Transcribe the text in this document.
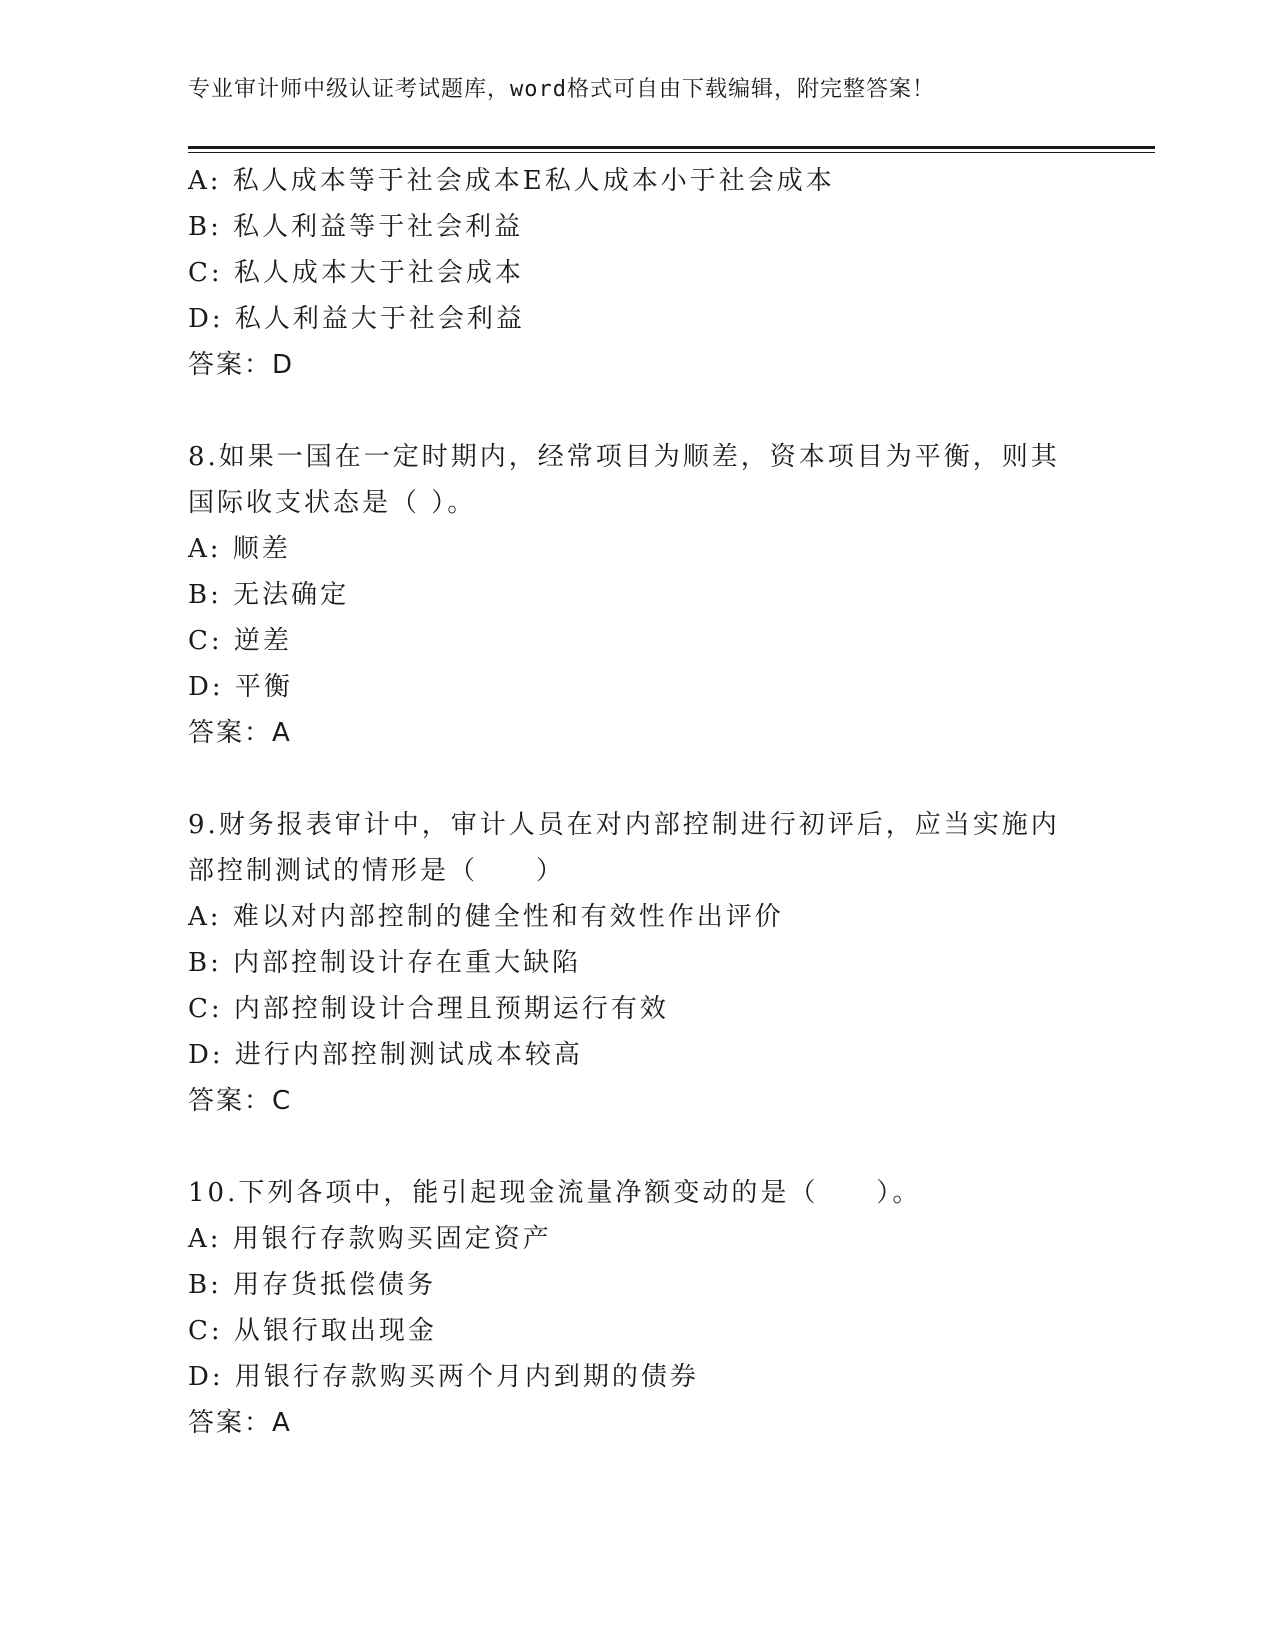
专业审计师中级认证考试题库，word格式可自由下载编辑，附完整答案！
A: 私人成本等于社会成本E私人成本小于社会成本
B: 私人利益等于社会利益
C: 私人成本大于社会成本
D: 私人利益大于社会利益
答案：D
8.如果一国在一定时期内，经常项目为顺差，资本项目为平衡，则其
国际收支状态是（ ）。
A: 顺差
B: 无法确定
C: 逆差
D: 平衡
答案：A
9.财务报表审计中，审计人员在对内部控制进行初评后，应当实施内
部控制测试的情形是（　　）
A: 难以对内部控制的健全性和有效性作出评价
B: 内部控制设计存在重大缺陷
C: 内部控制设计合理且预期运行有效
D: 进行内部控制测试成本较高
答案：C
10.下列各项中，能引起现金流量净额变动的是（　　）。
A: 用银行存款购买固定资产
B: 用存货抵偿债务
C: 从银行取出现金
D: 用银行存款购买两个月内到期的债券
答案：A
